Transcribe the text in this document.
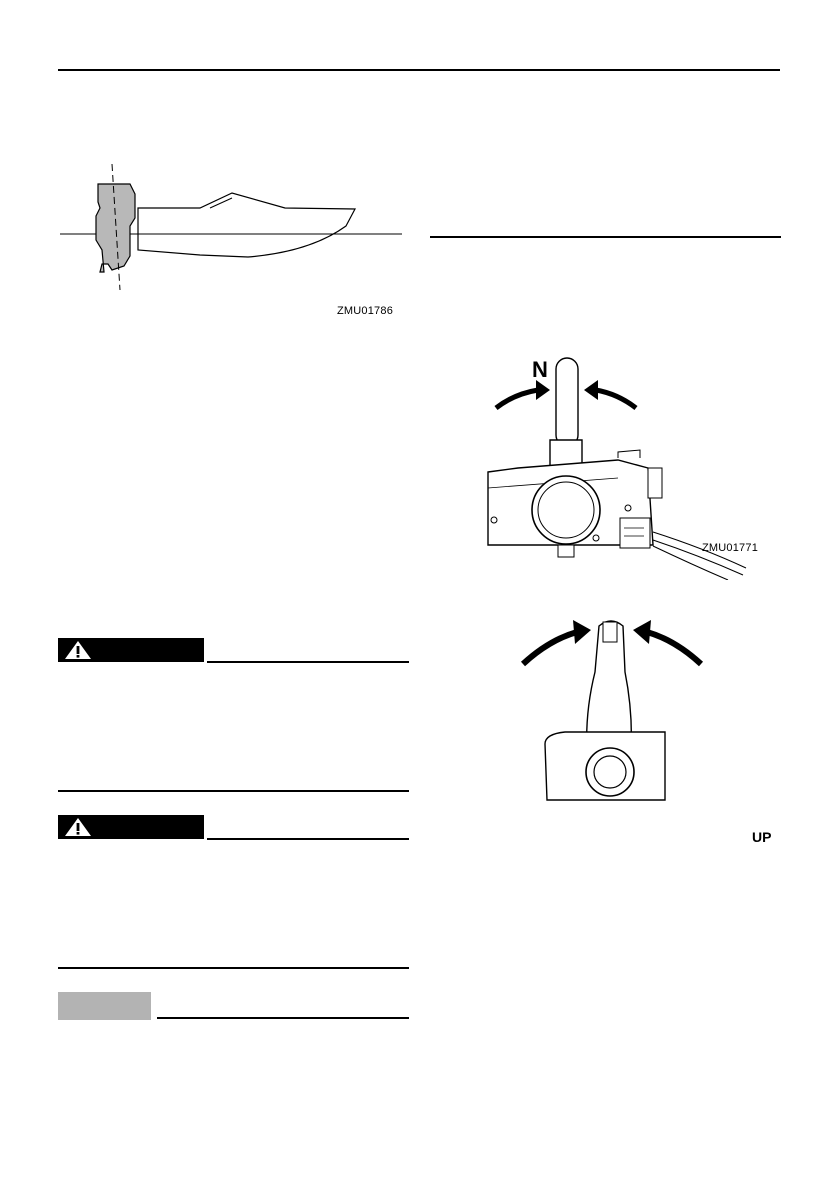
ZMU01786
N
ZMU01771
UP
